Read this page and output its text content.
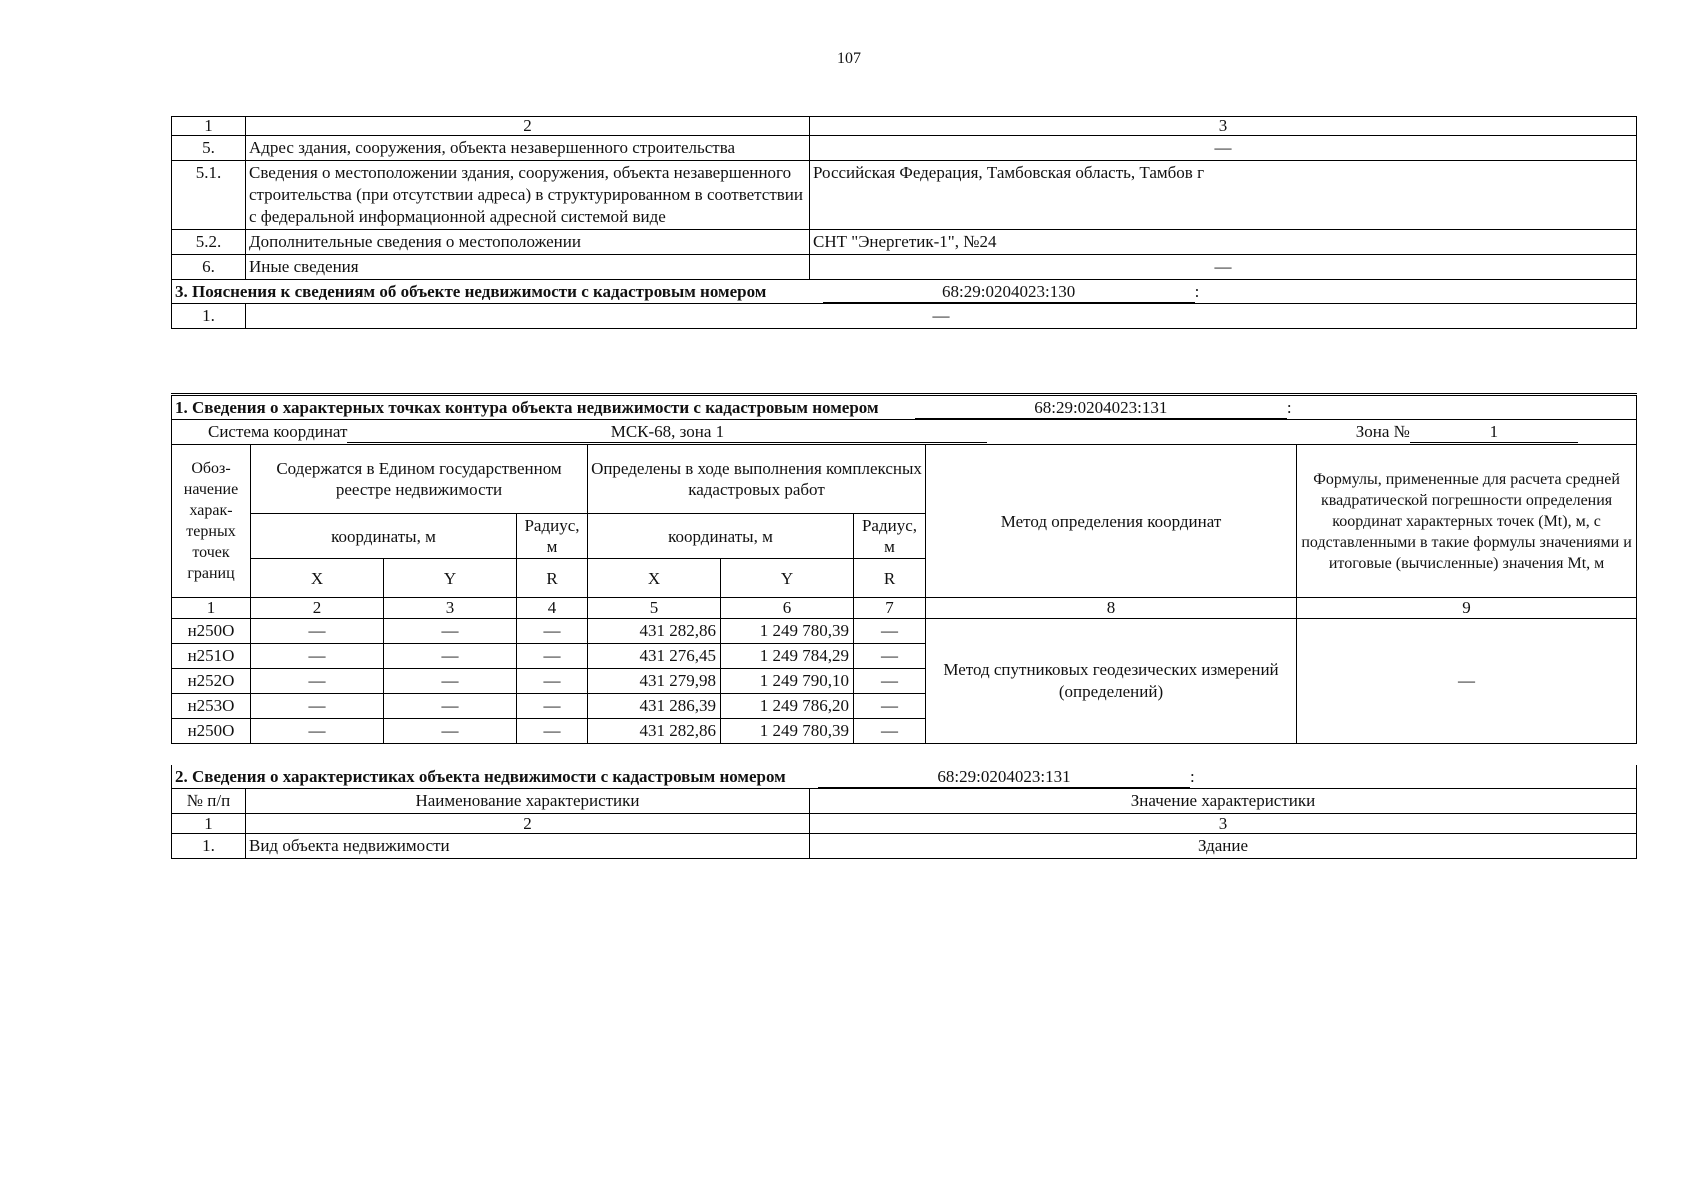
107
1	2	3
5.	Адрес здания, сооружения, объекта незавершенного строительства	—
5.1.	Сведения о местоположении здания, сооружения, объекта незавершенного строительства (при отсутствии адреса) в структурированном в соответствии с федеральной информационной адресной системой виде	Российская Федерация, Тамбовская область, Тамбов г
5.2.	Дополнительные сведения о местоположении	СНТ "Энергетик-1", №24
6.	Иные сведения	—
3. Пояснения к сведениям об объекте недвижимости с кадастровым номером 68:29:0204023:130 :		
1.	—	
1. Сведения о характерных точках контура объекта недвижимости с кадастровым номером 68:29:0204023:131 :								
Система координат МСК-68, зона 1 Зона № 1								
Обоз- начение харак- терных точек границ	Содержатся в Едином государственном реестре недвижимости			Определены в ходе выполнения комплексных кадастровых работ			Метод определения координат	Формулы, примененные для расчета средней квадратической погрешности определения координат характерных точек (Mt), м, с подставленными в такие формулы значениями и итоговые (вычисленные) значения Mt, м
	координаты, м		Радиус, м	координаты, м		Радиус, м		
	X	Y	R	X	Y	R		
1	2	3	4	5	6	7	8	9
н250О	—	—	—	431 282,86	1 249 780,39	—	Метод спутниковых геодезических измерений (определений)	—
н251О	—	—	—	431 276,45	1 249 784,29	—		
н252О	—	—	—	431 279,98	1 249 790,10	—		
н253О	—	—	—	431 286,39	1 249 786,20	—		
н250О	—	—	—	431 282,86	1 249 780,39	—		
2. Сведения о характеристиках объекта недвижимости с кадастровым номером 68:29:0204023:131 :		
№ п/п	Наименование характеристики	Значение характеристики
1	2	3
1.	Вид объекта недвижимости	Здание
